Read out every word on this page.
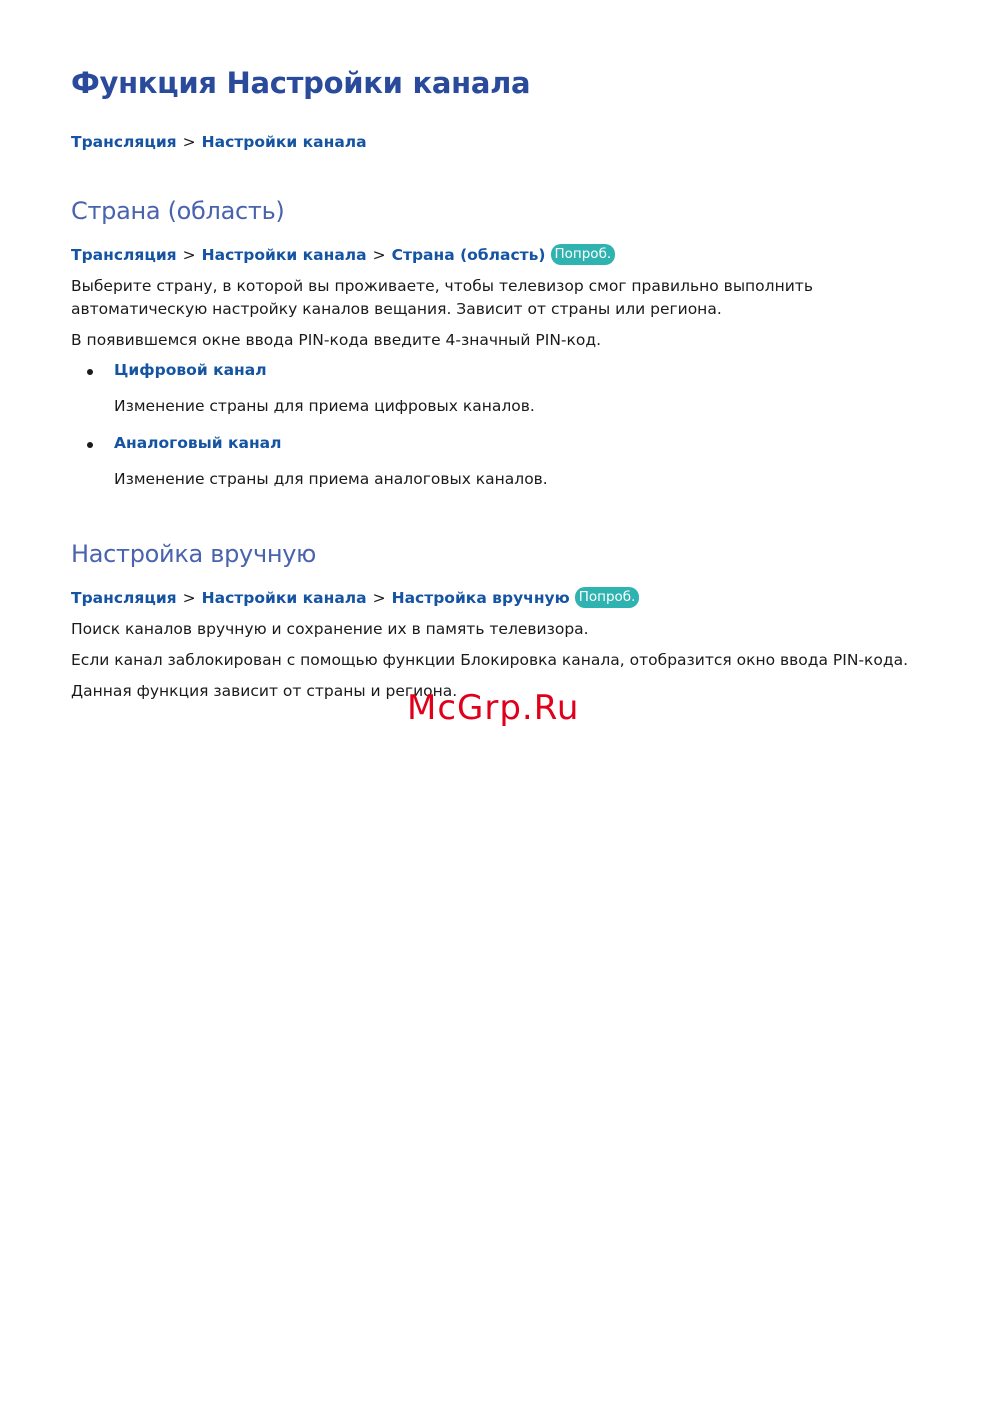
Функция Настройки канала
Трансляция > Настройки канала
Страна (область)
Трансляция > Настройки канала > Страна (область) Попроб.

Выберите страну, в которой вы проживаете, чтобы телевизор смог правильно выполнить автоматическую настройку каналов вещания. Зависит от страны или региона.

В появившемся окне ввода PIN-кода введите 4-значный PIN-код.

Цифровой канал

Изменение страны для приема цифровых каналов.

Аналоговый канал

Изменение страны для приема аналоговых каналов.

Настройка вручную
Трансляция > Настройки канала > Настройка вручную Попроб.

Поиск каналов вручную и сохранение их в память телевизора.

Если канал заблокирован с помощью функции Блокировка канала, отобразится окно ввода PIN-кода.

Данная функция зависит от страны и региона.

McGrp.Ru
